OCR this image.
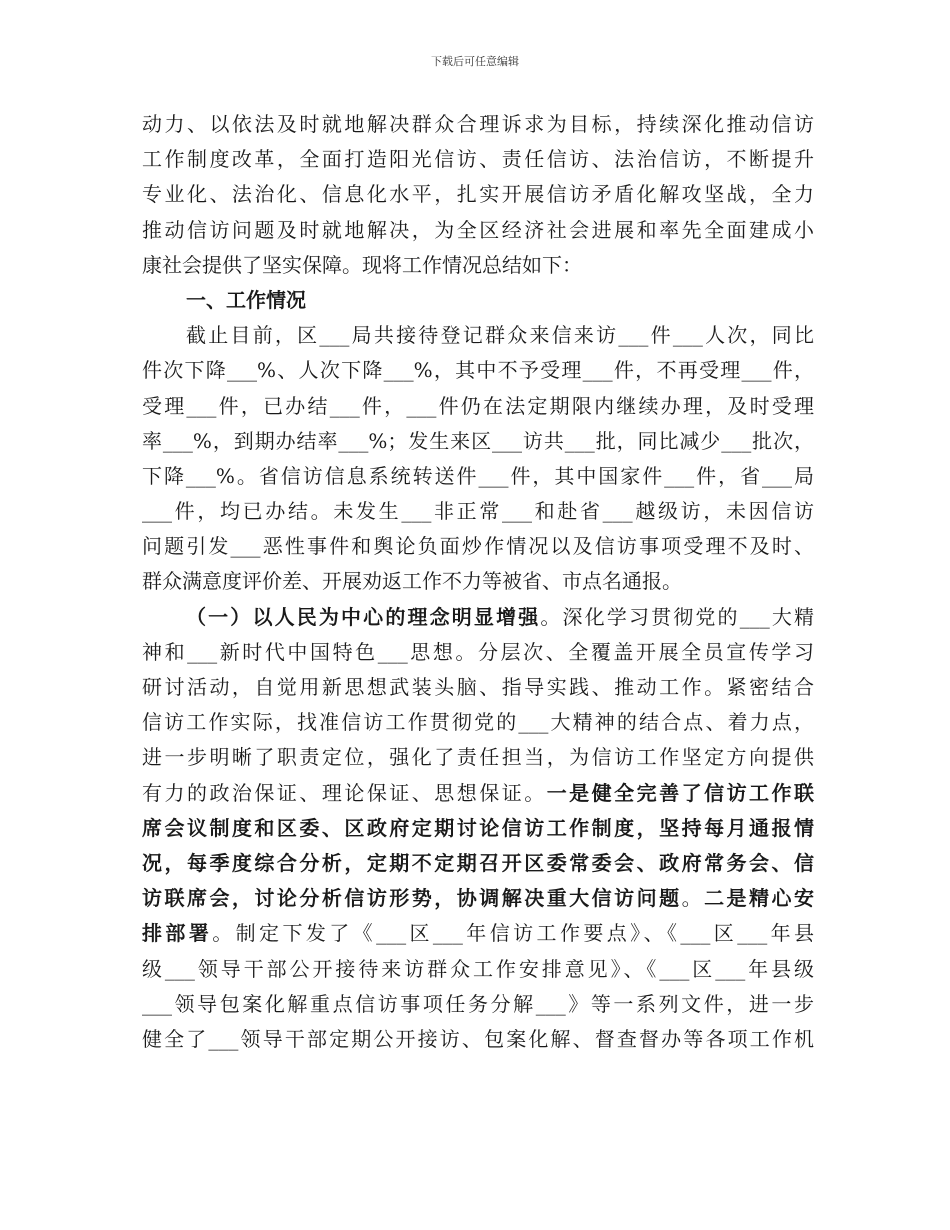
下载后可任意编辑
动力、以依法及时就地解决群众合理诉求为目标，持续深化推动信访
工作制度改革，全面打造阳光信访、责任信访、法治信访，不断提升
专业化、法治化、信息化水平，扎实开展信访矛盾化解攻坚战，全力
推动信访问题及时就地解决，为全区经济社会进展和率先全面建成小
康社会提供了坚实保障。现将工作情况总结如下：
一、工作情况
截止目前，区___局共接待登记群众来信来访___件___人次，同比
件次下降___%、人次下降___%，其中不予受理___件，不再受理___件，
受理___件，已办结___件，___件仍在法定期限内继续办理，及时受理
率___%，到期办结率___%；发生来区___访共___批，同比减少___批次，
下降___%。省信访信息系统转送件___件，其中国家件___件，省___局
___件，均已办结。未发生___非正常___和赴省___越级访，未因信访
问题引发___恶性事件和舆论负面炒作情况以及信访事项受理不及时、
群众满意度评价差、开展劝返工作不力等被省、市点名通报。
（一）以人民为中心的理念明显增强。深化学习贯彻党的___大精
神和___新时代中国特色___思想。分层次、全覆盖开展全员宣传学习
研讨活动，自觉用新思想武装头脑、指导实践、推动工作。紧密结合
信访工作实际，找准信访工作贯彻党的___大精神的结合点、着力点，
进一步明晰了职责定位，强化了责任担当，为信访工作坚定方向提供
有力的政治保证、理论保证、思想保证。一是健全完善了信访工作联
席会议制度和区委、区政府定期讨论信访工作制度，坚持每月通报情
况，每季度综合分析，定期不定期召开区委常委会、政府常务会、信
访联席会，讨论分析信访形势，协调解决重大信访问题。二是精心安
排部署。制定下发了《___区___年信访工作要点》、《___区___年县
级___领导干部公开接待来访群众工作安排意见》、《___区___年县级
___领导包案化解重点信访事项任务分解___》等一系列文件，进一步
健全了___领导干部定期公开接访、包案化解、督查督办等各项工作机
